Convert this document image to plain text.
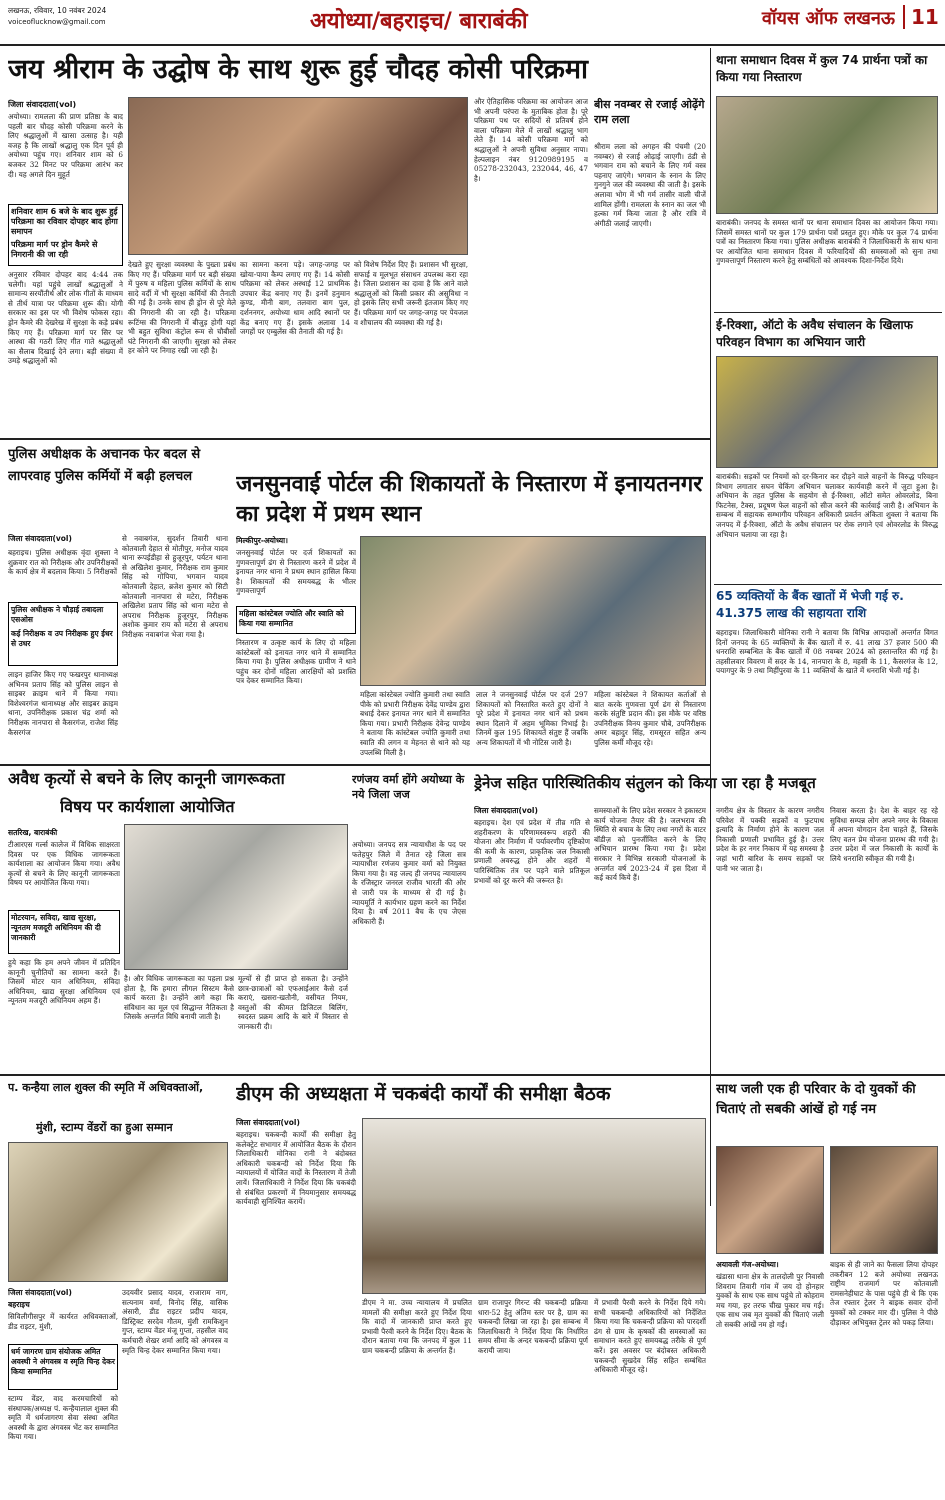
लखनऊ, रविवार, 10 नवंबर 2024
voiceoflucknow@gmail.com	अयोध्या/बहराइच/ बाराबंकी	वॉयस ऑफ लखनऊ 11
जय श्रीराम के उद्घोष के साथ शुरू हुई चौदह कोसी परिक्रमा
जिला संवाददाता(vol)
अयोध्या। रामलला की प्राण प्रतिष्ठा के बाद पहली बार चौदह कोसी परिक्रमा करने के लिए श्रद्धालुओं में खासा उत्साह है। यही वजह है कि लाखों श्रद्धालु एक दिन पूर्व ही अयोध्या पहुंच गए। शनिवार शाम को 6 बजकर 32 मिनट पर परिक्रमा आरंभ कर दी। यह अगले दिन मुहूर्त
शनिवार शाम 6 बजे के बाद शुरू हुई परिक्रमा का रविवार दोपहर बाद होगा समापन
परिक्रमा मार्ग पर ड्रोन कैमरे से निगरानी की जा रही
अनुसार रविवार दोपहर बाद 4:44 तक चलेगी। यहां पहुंचे लाखों श्रद्धालुओं ने सामान्य सरयौंतीर्थ और लोक गीतों के माध्यम से तीर्थ यात्रा पर परिक्रमा शुरू की। योगी सरकार का इस पर भी विशेष फोकस रहा। ड्रोन कैमरे की देखरेख में सुरक्षा के कड़े प्रबंध किए गए हैं। परिक्रमा मार्ग पर सिर पर आस्था की गठरी लिए गीत गाते श्रद्धालुओं का सैलाब दिखाई देने लगा। बड़ी संख्या में उमड़े श्रद्धालुओं को
देखते हुए सुरक्षा व्यवस्था के पुख्ता प्रबंध किए गए हैं। परिक्रमा मार्ग पर बड़ी संख्या में पुरुष व महिला पुलिस कर्मियों के साथ सादे वर्दी में भी सुरक्षा कर्मियों की तैनाती की गई है। उनके साथ ही ड्रोन से पूरे मेले की निगरानी की जा रही है। परिक्रमा रूटिंग्स की निगरानी में बीजुड़ होगी यहां भी बहुत सुविधा कंट्रोल रूम से चौबीसों घंटे निगरानी की जाएगी। सुरक्षा को लेकर हर कोने पर निगाह रखी जा रही है।
का सामना करना पड़े। जगह-जगह पर खोया-पाया कैम्प लगाए गए हैं। 14 कोसी परिक्रमा को लेकर अस्थाई 12 प्राथमिक उपचार केंद्र बनाए गए हैं। इनमें हनुमान कुण्ड, मीनी बाग, तलवारा बाग पुल, दर्शननगर, अयोध्या धाम आदि स्थानों पर केंद्र बनाए गए हैं। इसके अलावा 14 जगहों पर एम्बुलेंस की तैनाती की गई है।
को विशेष निर्देश दिए हैं। प्रशासन भी सुरक्षा, सफाई व मूलभूत संसाधन उपलब्ध करा रहा है। जिला प्रशासन का दावा है कि आने वाले श्रद्धालुओं को किसी प्रकार की असुविधा न हो इसके लिए सभी जरूरी इंतजाम किए गए हैं। परिक्रमा मार्ग पर जगह-जगह पर पेयजल व शौचालय की व्यवस्था की गई है।
और ऐतिहासिक परिक्रमा का आयोजन आज भी अपनी परंपरा के मुताबिक होता है। पूरे परिक्रमा पथ पर सदियों से प्रतिवर्ष होने वाला परिक्रमा मेले में लाखों श्रद्धालु भाग लेते हैं। 14 कोसी परिक्रमा मार्ग को श्रद्धालुओं ने अपनी सुविधा अनुसार नापा। हेल्पलाइन नंबर 9120989195 व 05278-232043, 232044, 46, 47 है।
बीस नवम्बर से रजाई ओढ़ेंगे राम लला
श्रीराम लला को अगहन की पंचमी (20 नवम्बर) से रजाई ओढ़ाई जाएगी। ठंडी से भगवान राम को बचाने के लिए गर्म वस्त्र पहनाए जाएंगे। भगवान के स्नान के लिए गुनगुने जल की व्यवस्था की जाती है। इसके अलावा भोग में भी गर्म तासीर वाली चीजें शामिल होंगी। रामलला के स्नान का जल भी हल्का गर्म किया जाता है और रात्रि में अंगीठी जलाई जाएगी।
थाना समाधान दिवस में कुल 74 प्रार्थना पत्रों का किया गया निस्तारण
बाराबंकी। जनपद के समस्त थानों पर थाना समाधान दिवस का आयोजन किया गया। जिसमें समस्त थानों पर कुल 179 प्रार्थना पत्रों प्रस्तुत हुए। मौके पर कुल 74 प्रार्थना पत्रों का निस्तारण किया गया। पुलिस अधीक्षक बाराबंकी ने जिलाधिकारी के साथ थाना पर आयोजित थाना समाधान दिवस में फरियादियों की समस्याओं को सुना तथा गुणवत्तापूर्ण निस्तारण करने हेतु सम्बंधितों को आवश्यक दिशा-निर्देश दिये।
ई-रिक्शा, ऑटो के अवैध संचालन के खिलाफ परिवहन विभाग का अभियान जारी
बाराबंकी। सड़कों पर नियमों को दर-किनार कर दौड़ने वाले वाहनों के विरुद्ध परिवहन विभाग लगातार सघन चेकिंग अभियान चलाकर कार्यवाही करने में जुटा हुआ है। अभियान के तहत पुलिस के सहयोग से ई-रिक्शा, ऑटो समेत ओवरलोड, बिना फिटनेस, टैक्स, प्रदूषण फेल वाहनों को सीज करने की कार्रवाई जारी है। अभियान के सम्बन्ध में सहायक सम्भागीय परिवहन अधिकारी प्रवर्तन अंकिता शुक्ला ने बताया कि जनपद में ई-रिक्शा, ऑटो के अवैध संचालन पर रोक लगाने एवं ओवरलोड के विरुद्ध अभियान चलाया जा रहा है।
65 व्यक्तियों के बैंक खातों में भेजी गई रु. 41.375 लाख की सहायता राशि
बहराइच। जिलाधिकारी मोनिका रानी ने बताया कि विभिन्न आपदाओं अन्तर्गत विगत दिनों जनपद के 65 व्यक्तियों के बैंक खातों में रु. 41 लाख 37 हजार 500 की धनराशि सम्बन्धित के बैंक खातों में 08 नवम्बर 2024 को हस्तान्तरित की गई है। तहसीलवार विवरण में सदर के 14, नानपारा के 8, महसी के 11, कैसरगंज के 12, पयागपुर के 9 तथा मिहींपुरवा के 11 व्यक्तियों के खाते में धनराशि भेजी गई है।
पुलिस अधीक्षक के अचानक फेर बदल से लापरवाह पुलिस कर्मियों में बढ़ी हलचल
जिला संवाददाता(vol)
बहराइच। पुलिस अधीक्षक वृंदा शुक्ला ने शुक्रवार रात को निरीक्षक और उपनिरीक्षकों के कार्य क्षेत्र में बदलाव किया। 5 निरीक्षकों
पुलिस अधीक्षक ने चौड़ाई तबादला एसओस
कई निरीक्षक व उप निरीक्षक हुए ईधर से उधर
लाइन हाजिर किए गए फखरपुर थानाध्यक्ष अभिनव प्रताप सिंह को पुलिस लाइन से साइबर क्राइम थाने में किया गया। विशेश्वरगंज थानाध्यक्ष और साइबर क्राइम थाना, उपनिरीक्षक प्रकाश चंद्र शर्मा को निरीक्षक नानपारा से कैसरगंज, राजेश सिंह कैसरगंज
से नवाबगंज, सुदर्शन तिवारी थाना कोतवाली देहात से मोतीपुर, मनोज यादव थाना रूपईडीहा से हुजूरपुर, पर्यटन थाना से अखिलेश कुमार, निरीक्षक राम कुमार सिंह को गोपिया, भगवान यादव कोतवाली देहात, ब्रजेश कुमार को सिटी कोतवाली नानपारा से मटेरा, निरीक्षक अखिलेश प्रताप सिंह को थाना मटेरा से अपराध निरीक्षक हुजूरपुर, निरीक्षक अशोक कुमार राय को मटेरा से अपराध निरीक्षक नवाबगंज भेजा गया है।
जनसुनवाई पोर्टल की शिकायतों के निस्तारण में इनायतनगर का प्रदेश में प्रथम स्थान
मिल्कीपुर-अयोध्या।
जनसुनवाई पोर्टल पर दर्ज शिकायतों का गुणवत्तापूर्ण ढंग से निस्तारण करने में प्रदेश में इनायत नगर थाना ने प्रथम स्थान हासिल किया है। शिकायतों की समयबद्ध के भीतर गुणवत्तापूर्ण
महिला कांस्टेबल ज्योति और स्वाति को किया गया सम्मानित
निस्तारण व उत्कृष्ट कार्य के लिए दो महिला कांस्टेबलों को इनायत नगर थाने में सम्मानित किया गया है। पुलिस अधीक्षक ग्रामीण ने थाने पहुंच कर दोनों महिला आरक्षियों को प्रशस्ति पत्र देकर सम्मानित किया।
महिला कांस्टेबल ज्योति कुमारी तथा स्वाति पीके को प्रभारी निरीक्षक देवेंद्र पाण्डेय द्वारा बधाई देकर इनायत नगर थाने में सम्मानित किया गया। प्रभारी निरीक्षक देवेन्द्र पाण्डेय ने बताया कि कांस्टेबल ज्योति कुमारी तथा स्वाति की लगन व मेहनत से थाने को यह उपलब्धि मिली है।
लाल ने जनसुनवाई पोर्टल पर दर्ज 297 शिकायतों को निस्तारित करते हुए दोनों ने पूरे प्रदेश में इनायत नगर थाने को प्रथम स्थान दिलाने में अहम भूमिका निभाई है। जिनमें कुल 195 शिकायतें संतुष्ट हैं जबकि अन्य शिकायतों में भी नोटिस जारी है।
महिला कांस्टेबल ने शिकायत कर्ताओं से बात करके गुणवत्ता पूर्ण ढंग से निस्तारण करके संतुष्टि प्रदान की। इस मौके पर वरिष्ठ उपनिरीक्षक विनय कुमार चौबे, उपनिरीक्षक अमर बहादुर सिंह, रामसूरत सहित अन्य पुलिस कर्मी मौजूद रहे।
अवैध कृत्यों से बचने के लिए कानूनी जागरूकता
विषय पर कार्यशाला आयोजित
सतरिख, बाराबंकी
टीआरएस गर्ल्स कालेज में विधिक साक्षरता दिवस पर एक विधिक जागरूकता कार्यशाला का आयोजन किया गया। अवैध कृत्यों से बचने के लिए कानूनी जागरूकता विषय पर आयोजित किया गया।
मोटरयान, सविदा, खाद्य सुरक्षा, न्यूनतम मजदूरी अधिनियम की दी जानकारी
हुये कहा कि हम अपने जीवन में प्रतिदिन कानूनी चुनौतियों का सामना करते हैं। जिसमें मोटर यान अधिनियम, संविदा अधिनियम, खाद्य सुरक्षा अधिनियम एवं न्यूनतम मजदूरी अधिनियम अहम हैं।
है। और विधिक जागरूकता का पहला प्रश्न होता है, कि हमारा लीगल सिस्टम कैसे कार्य करता है। उन्होंने आगे कहा कि संविधान का मूल एवं सिद्धान्त नैतिकता है जिसके अन्तर्गत विधि बनायी जाती है।
मूल्यों से ही प्राप्त हो सकता है। उन्होंने छात्र-छात्राओं को एफआईआर कैसे दर्ज कराएं, खसरा-खतौनी, वसीयत नियम, वस्तुओं की कीमत डिजिटल बिलिंग, स्वदस्त प्रक्रम आदि के बारे में विस्तार से जानकारी दी।
रणंजय वर्मा होंगे अयोध्या के नये जिला जज
अयोध्या। जनपद सत्र न्यायाधीश के पद पर फतेहपुर जिले में तैनात रहे जिला सत्र न्यायाधीश रणंजय कुमार वर्मा को नियुक्त किया गया है। वह जल्द ही जनपद न्यायालय के रजिस्ट्रार जनरल राजीव भारती की ओर से जारी पत्र के माध्यम से दी गई है। न्यायमूर्ति ने कार्यभार ग्रहण करने का निर्देश दिया है। वर्ष 2011 बैच के एच जेएस अधिकारी हैं।
ड्रेनेज सहित पारिस्थितिकीय संतुलन को किया जा रहा है मजबूत
जिला संवाददाता(vol)
बहराइच। देश एवं प्रदेश में तीव्र गति से शहरीकरण के परिणामस्वरूप शहरों की योजना और निर्माण में पर्यावरणीय दृष्टिकोण की कमी के कारण, प्राकृतिक जल निकासी प्रणाली अवरुद्ध होने और शहरों में पारिस्थितिक तंत्र पर पड़ने वाले प्रतिकूल प्रभावों को दूर करने की जरूरत है।
समस्याओं के लिए प्रदेश सरकार ने इकास्टम कार्य योजना तैयार की है। जलभराव की स्थिति से बचाव के लिए तथा नगरों के वाटर बॉडीज़ को पुनर्जीवित करने के लिए अभियान प्रारम्भ किया गया है। प्रदेश सरकार ने विभिन्न सरकारी योजनाओं के अन्तर्गत वर्ष 2023-24 में इस दिशा में कई कार्य किये हैं।
नगरीय क्षेत्र के विस्तार के कारण नगरीय परिवेश में पक्की सड़कों व फुटपाथ इत्यादि के निर्माण होने के कारण जल निकासी प्रणाली प्रभावित हुई है। उत्तर प्रदेश के हर नगर निकाय में यह समस्या है जहां भारी बारिश के समय सड़कों पर पानी भर जाता है।
निवास करता है। देश के बाहर रह रहे सुविधा सम्पन्न लोग अपने नगर के विकास में अपना योगदान देना चाहते हैं, जिसके लिए वतन प्रेम योजना प्रारम्भ की गयी है। उत्तर प्रदेश में जल निकासी के कार्यों के लिये धनराशि स्वीकृत की गयी है।
प. कन्हैया लाल शुक्ल की स्मृति में अधिवक्ताओं,
मुंशी, स्टाम्प वेंडरों का हुआ सम्मान
जिला संवाददाता(vol)
बहराइच
सिविलीगीसपुर में कार्यरत अधिवक्ताओं, डीड राइटर, मुंशी,
धर्म जागरण ग्राम संयोजक अमित अवस्थी ने अंगवस्त्र व स्मृति चिन्ह देकर किया सम्मानित
स्टाम्प वेंडर, वाद करमचारियों को संस्थापक/अध्यक्ष पं. कन्हैयालाल शुक्ल की स्मृति में धर्मजागरण सेवा संस्था अमित अवस्थी के द्वारा अंगवस्त्र भेंट कर सम्मानित किया गया।
उदयवीर प्रसाद यादव, राजाराम नाग, सत्यनाम वर्मा, विनोद सिंह, वासिक अंसारी, डीड राइटर प्रदीप यादव, डिस्ट्रिक्ट सरदेव गौतम, मुंशी रामकिशुन गुप्त, स्टाम्प वेंडर मंजू गुप्ता, तहसील वाद कर्मचारी शेखर शर्मा आदि को अंगवस्त्र व स्मृति चिन्ह देकर सम्मानित किया गया।
डीएम की अध्यक्षता में चकबंदी कार्यों की समीक्षा बैठक
जिला संवाददाता(vol)
बहराइच। चकबन्दी कार्यों की समीक्षा हेतु कलेक्ट्रेट सभागार में आयोजित बैठक के दौरान जिलाधिकारी मोनिका रानी ने बंदोबस्त अधिकारी चकबन्दी को निर्देश दिया कि न्यायालयों में योजित वादों के निस्तारण में तेजी लायें। जिलाधिकारी ने निर्देश दिया कि चकबंदी से संबंधित प्रकरणों में नियमानुसार समयबद्ध कार्यवाही सुनिश्चित करायें।
डीएम ने मा. उच्च न्यायालय में प्रचलित मामलों की समीक्षा करते हुए निर्देश दिया कि वादों में जानकारी प्राप्त करते हुए प्रभावी पैरवी करने के निर्देश दिए। बैठक के दौरान बताया गया कि जनपद में कुल 11 ग्राम चकबन्दी प्रक्रिया के अन्तर्गत हैं।
ग्राम राजापुर गिरन्ट की चकबन्दी प्रक्रिया धारा-52 हेतु अंतिम स्तर पर है, ग्राम का चकबन्दी लिखा जा रहा है। इस सम्बन्ध में जिलाधिकारी ने निर्देश दिया कि निर्धारित समय सीमा के अन्दर चकबन्दी प्रक्रिया पूर्ण करायी जाय।
में प्रभावी पैरवी करने के निर्देश दिये गये। सभी चकबन्दी अधिकारियों को निर्देशित किया गया कि चकबन्दी प्रक्रिया को पारदर्शी ढंग से ग्राम के कृषकों की समस्याओं का समाधान करते हुए समयबद्ध तरीके से पूर्ण करें। इस अवसर पर बंदोबस्त अधिकारी चकबन्दी सुखदेव सिंह सहित सम्बंधित अधिकारी मौजूद रहे।
साथ जली एक ही परिवार के दो युवकों की चिताएं तो सबकी आंखें हो गई नम
अयावली गंज-अयोध्या।
खंडासा थाना क्षेत्र के तालदोली पुर निवासी शिवराम तिवारी गांव में जय दो होनहार युवकों के साथ एक साथ पहुंचे तो कोहराम मच गया, हर तरफ चीख पुकार मच गई। एक साथ जब मृत युवकों की चिताएं जली तो सबकी आंखें नम हो गईं।
बाइक से ही जाने का फैसला लिया दोपहर तकरीबन 12 बजे अयोध्या लखनऊ राष्ट्रीय राजमार्ग पर कोतवाली रामसनेहीघाट के पास पहुंचे ही थे कि एक तेज रफ्तार ट्रेलर ने बाइक सवार दोनों युवकों को टक्कर मार दी। पुलिस ने पीछे दौड़ाकर अभियुक्त ट्रेलर को पकड़ लिया।
